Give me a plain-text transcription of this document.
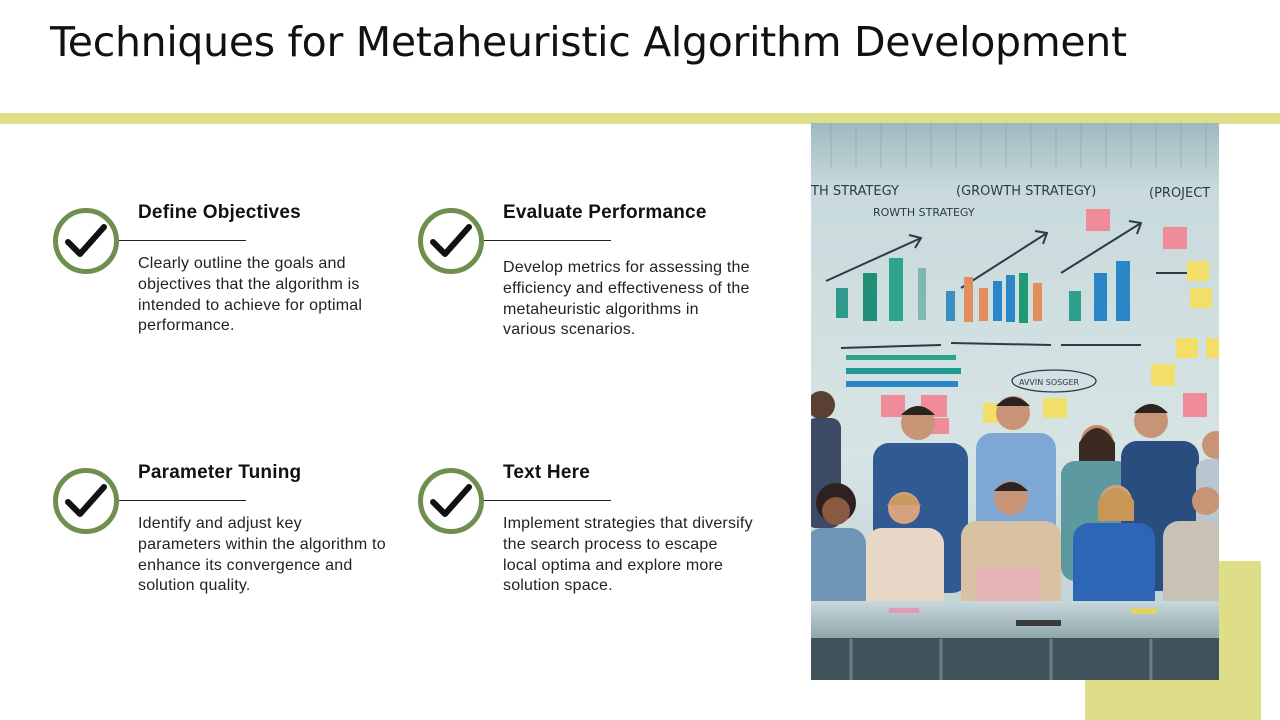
Techniques for Metaheuristic Algorithm Development
Define Objectives
Clearly outline the goals and objectives that the algorithm is intended to achieve for optimal performance.
Evaluate Performance
Develop metrics for assessing the efficiency and effectiveness of the metaheuristic algorithms in various scenarios.
Parameter Tuning
Identify and adjust key parameters within the algorithm to enhance its convergence and solution quality.
Text Here
Implement strategies that diversify the search process to escape local optima and explore more solution space.
TH STRATEGY	(GROWTH STRATEGY)
ROWTH STRATEGY
(PROJECT
AVVIN SOSGER
